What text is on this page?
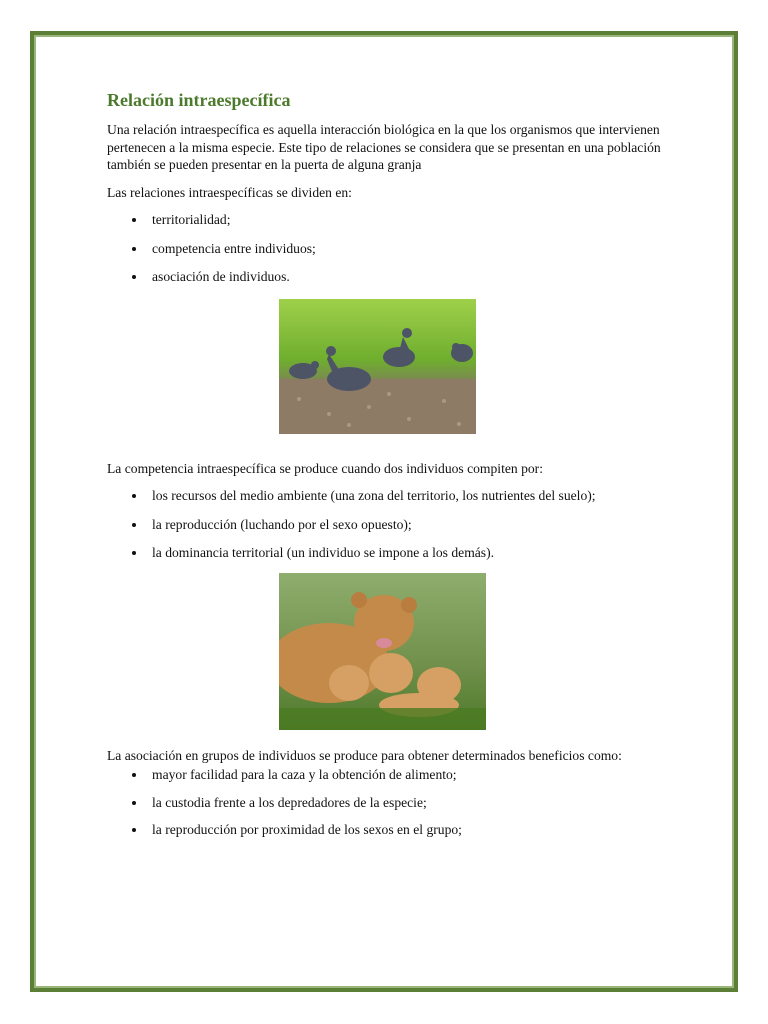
Relación intraespecífica

Una relación intraespecífica es aquella interacción biológica en la que los organismos que intervienen pertenecen a la misma especie. Este tipo de relaciones se considera que se presentan en una población también se pueden presentar en la puerta de alguna granja

Las relaciones intraespecíficas se dividen en:

territorialidad;
competencia entre individuos;
asociación de individuos.

La competencia intraespecífica se produce cuando dos individuos compiten por:

los recursos del medio ambiente (una zona del territorio, los nutrientes del suelo);
la reproducción (luchando por el sexo opuesto);
la dominancia territorial (un individuo se impone a los demás).

La asociación en grupos de individuos se produce para obtener determinados beneficios como:

mayor facilidad para la caza y la obtención de alimento;
la custodia frente a los depredadores de la especie;
la reproducción por proximidad de los sexos en el grupo;
